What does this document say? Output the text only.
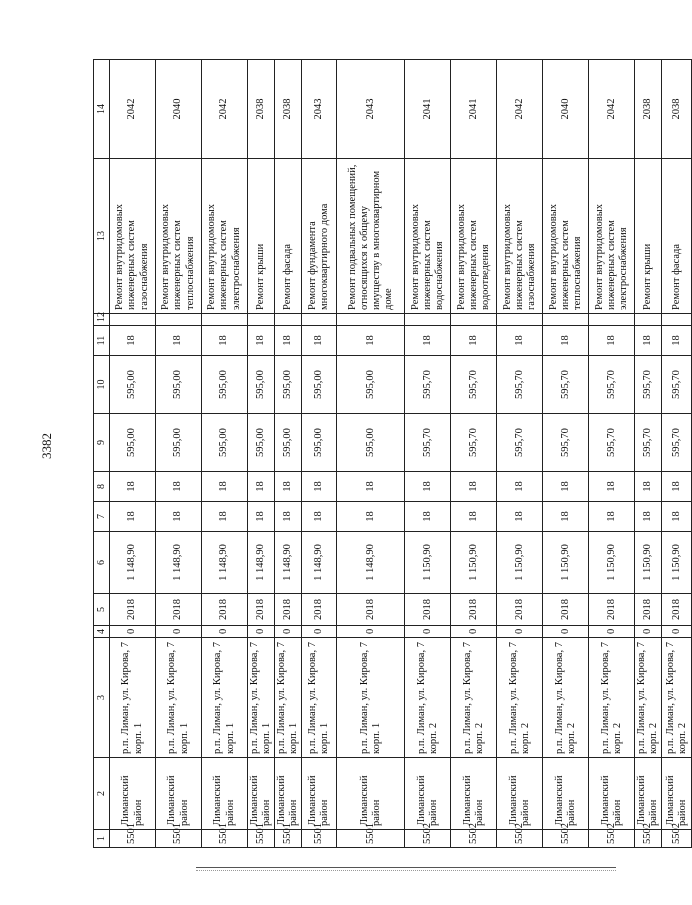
3382
1	2	3	4	5	6	7	8	9	10	11	12	13	14
5501	Лиманский район	р.п. Лиман, ул. Кирова, 7 корп. 1	0	2018	1 148,90	18	18	595,00	595,00	18		Ремонт внутридомовых инженерных систем газоснабжения	2042
5501	Лиманский район	р.п. Лиман, ул. Кирова, 7 корп. 1	0	2018	1 148,90	18	18	595,00	595,00	18		Ремонт внутридомовых инженерных систем теплоснабжения	2040
5501	Лиманский район	р.п. Лиман, ул. Кирова, 7 корп. 1	0	2018	1 148,90	18	18	595,00	595,00	18		Ремонт внутридомовых инженерных систем электроснабжения	2042
5501	Лиманский район	р.п. Лиман, ул. Кирова, 7 корп. 1	0	2018	1 148,90	18	18	595,00	595,00	18		Ремонт крыши	2038
5501	Лиманский район	р.п. Лиман, ул. Кирова, 7 корп. 1	0	2018	1 148,90	18	18	595,00	595,00	18		Ремонт фасада	2038
5501	Лиманский район	р.п. Лиман, ул. Кирова, 7 корп. 1	0	2018	1 148,90	18	18	595,00	595,00	18		Ремонт фундамента многоквартирного дома	2043
5501	Лиманский район	р.п. Лиман, ул. Кирова, 7 корп. 1	0	2018	1 148,90	18	18	595,00	595,00	18		Ремонт подвальных помещений, относящихся к общему имуществу в многоквартирном доме	2043
5502	Лиманский район	р.п. Лиман, ул. Кирова, 7 корп. 2	0	2018	1 150,90	18	18	595,70	595,70	18		Ремонт внутридомовых инженерных систем водоснабжения	2041
5502	Лиманский район	р.п. Лиман, ул. Кирова, 7 корп. 2	0	2018	1 150,90	18	18	595,70	595,70	18		Ремонт внутридомовых инженерных систем водоотведения	2041
5502	Лиманский район	р.п. Лиман, ул. Кирова, 7 корп. 2	0	2018	1 150,90	18	18	595,70	595,70	18		Ремонт внутридомовых инженерных систем газоснабжения	2042
5502	Лиманский район	р.п. Лиман, ул. Кирова, 7 корп. 2	0	2018	1 150,90	18	18	595,70	595,70	18		Ремонт внутридомовых инженерных систем теплоснабжения	2040
5502	Лиманский район	р.п. Лиман, ул. Кирова, 7 корп. 2	0	2018	1 150,90	18	18	595,70	595,70	18		Ремонт внутридомовых инженерных систем электроснабжения	2042
5502	Лиманский район	р.п. Лиман, ул. Кирова, 7 корп. 2	0	2018	1 150,90	18	18	595,70	595,70	18		Ремонт крыши	2038
5502	Лиманский район	р.п. Лиман, ул. Кирова, 7 корп. 2	0	2018	1 150,90	18	18	595,70	595,70	18		Ремонт фасада	2038
